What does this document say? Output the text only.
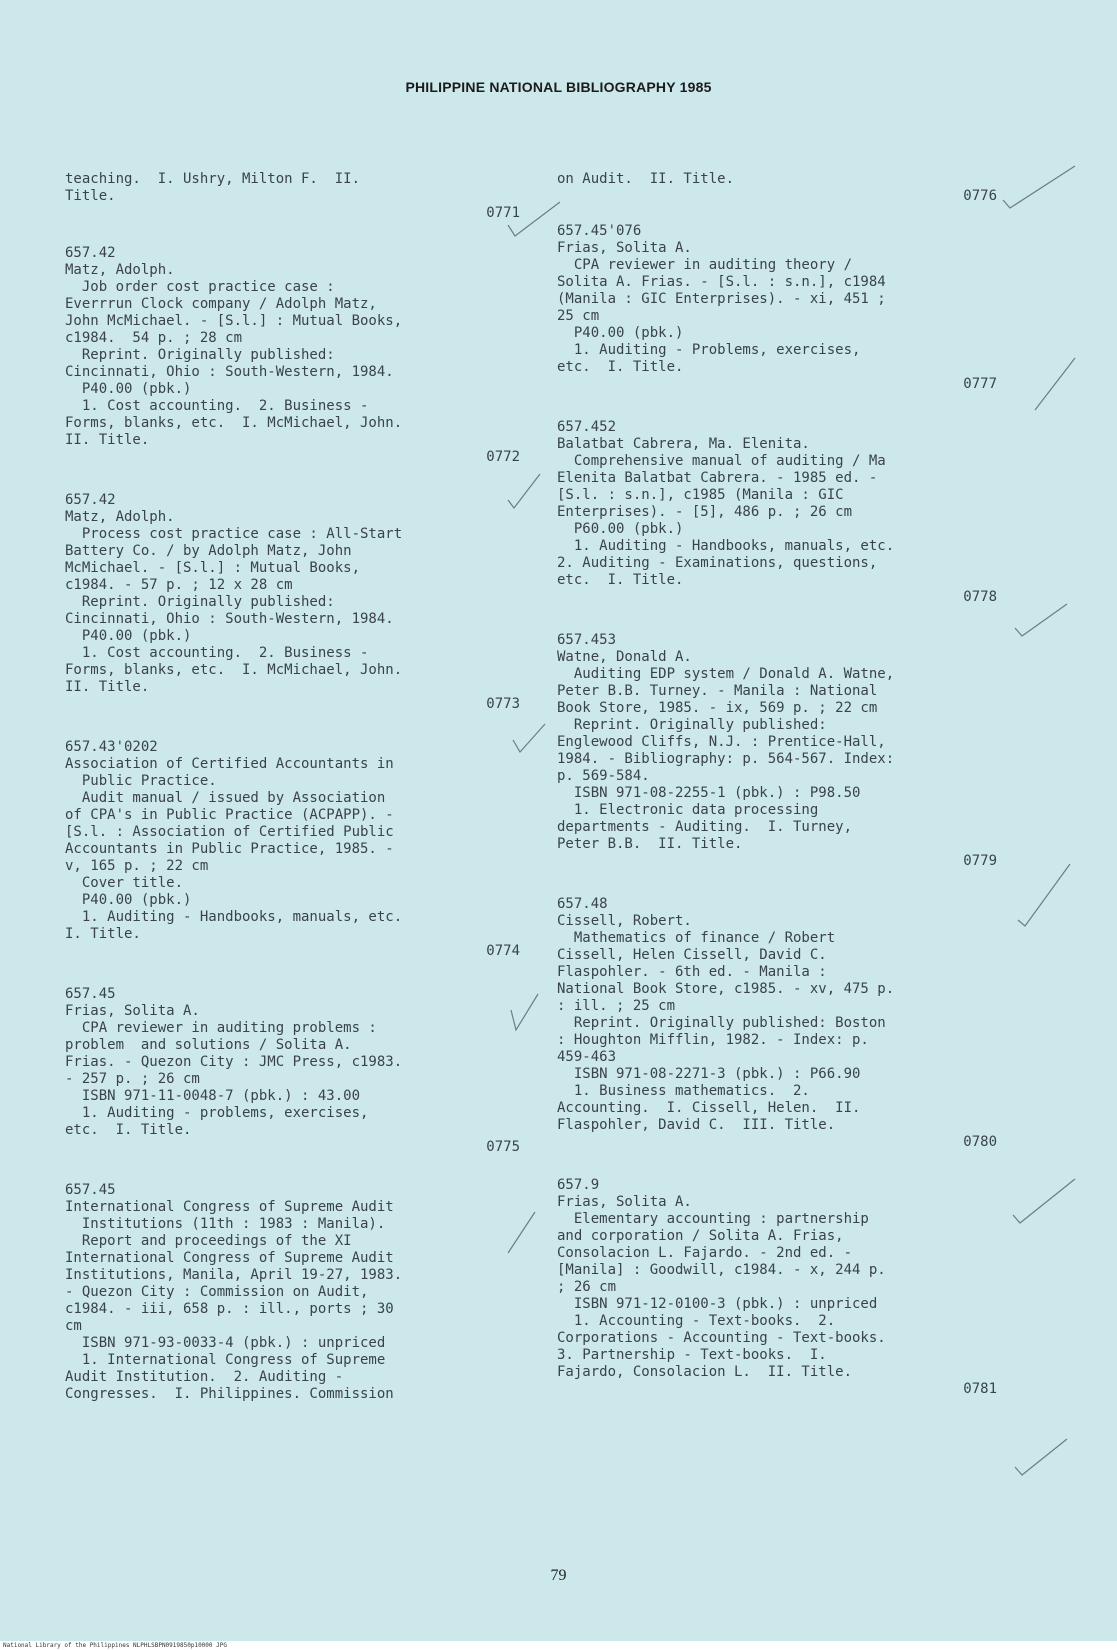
PHILIPPINE NATIONAL BIBLIOGRAPHY 1985
teaching.  I. Ushry, Milton F.  II.
Title.
0771
657.42
Matz, Adolph.
Job order cost practice case :
Everrrun Clock company / Adolph Matz,
John McMichael. - [S.l.] : Mutual Books,
c1984.  54 p. ; 28 cm
Reprint. Originally published:
Cincinnati, Ohio : South-Western, 1984.
P40.00 (pbk.)
1. Cost accounting.  2. Business -
Forms, blanks, etc.  I. McMichael, John.
II. Title.
0772
657.42
Matz, Adolph.
Process cost practice case : All-Start
Battery Co. / by Adolph Matz, John
McMichael. - [S.l.] : Mutual Books,
c1984. - 57 p. ; 12 x 28 cm
Reprint. Originally published:
Cincinnati, Ohio : South-Western, 1984.
P40.00 (pbk.)
1. Cost accounting.  2. Business -
Forms, blanks, etc.  I. McMichael, John.
II. Title.
0773
657.43'0202
Association of Certified Accountants in
Public Practice.
Audit manual / issued by Association
of CPA's in Public Practice (ACPAPP). -
[S.l. : Association of Certified Public
Accountants in Public Practice, 1985. -
v, 165 p. ; 22 cm
Cover title.
P40.00 (pbk.)
1. Auditing - Handbooks, manuals, etc.
I. Title.
0774
657.45
Frias, Solita A.
CPA reviewer in auditing problems :
problem  and solutions / Solita A.
Frias. - Quezon City : JMC Press, c1983.
- 257 p. ; 26 cm
ISBN 971-11-0048-7 (pbk.) : 43.00
1. Auditing - problems, exercises,
etc.  I. Title.
0775
657.45
International Congress of Supreme Audit
Institutions (11th : 1983 : Manila).
Report and proceedings of the XI
International Congress of Supreme Audit
Institutions, Manila, April 19-27, 1983.
- Quezon City : Commission on Audit,
c1984. - iii, 658 p. : ill., ports ; 30
cm
ISBN 971-93-0033-4 (pbk.) : unpriced
1. International Congress of Supreme
Audit Institution.  2. Auditing -
Congresses.  I. Philippines. Commission
on Audit.  II. Title.
0776
657.45'076
Frias, Solita A.
CPA reviewer in auditing theory /
Solita A. Frias. - [S.l. : s.n.], c1984
(Manila : GIC Enterprises). - xi, 451 ;
25 cm
P40.00 (pbk.)
1. Auditing - Problems, exercises,
etc.  I. Title.
0777
657.452
Balatbat Cabrera, Ma. Elenita.
Comprehensive manual of auditing / Ma
Elenita Balatbat Cabrera. - 1985 ed. -
[S.l. : s.n.], c1985 (Manila : GIC
Enterprises). - [5], 486 p. ; 26 cm
P60.00 (pbk.)
1. Auditing - Handbooks, manuals, etc.
2. Auditing - Examinations, questions,
etc.  I. Title.
0778
657.453
Watne, Donald A.
Auditing EDP system / Donald A. Watne,
Peter B.B. Turney. - Manila : National
Book Store, 1985. - ix, 569 p. ; 22 cm
Reprint. Originally published:
Englewood Cliffs, N.J. : Prentice-Hall,
1984. - Bibliography: p. 564-567. Index:
p. 569-584.
ISBN 971-08-2255-1 (pbk.) : P98.50
1. Electronic data processing
departments - Auditing.  I. Turney,
Peter B.B.  II. Title.
0779
657.48
Cissell, Robert.
Mathematics of finance / Robert
Cissell, Helen Cissell, David C.
Flaspohler. - 6th ed. - Manila :
National Book Store, c1985. - xv, 475 p.
: ill. ; 25 cm
Reprint. Originally published: Boston
: Houghton Mifflin, 1982. - Index: p.
459-463
ISBN 971-08-2271-3 (pbk.) : P66.90
1. Business mathematics.  2.
Accounting.  I. Cissell, Helen.  II.
Flaspohler, David C.  III. Title.
0780
657.9
Frias, Solita A.
Elementary accounting : partnership
and corporation / Solita A. Frias,
Consolacion L. Fajardo. - 2nd ed. -
[Manila] : Goodwill, c1984. - x, 244 p.
; 26 cm
ISBN 971-12-0100-3 (pbk.) : unpriced
1. Accounting - Text-books.  2.
Corporations - Accounting - Text-books.
3. Partnership - Text-books.  I.
Fajardo, Consolacion L.  II. Title.
0781
79
National Library of the Philippines NLPHLSBPN0919850p10000 JPG
